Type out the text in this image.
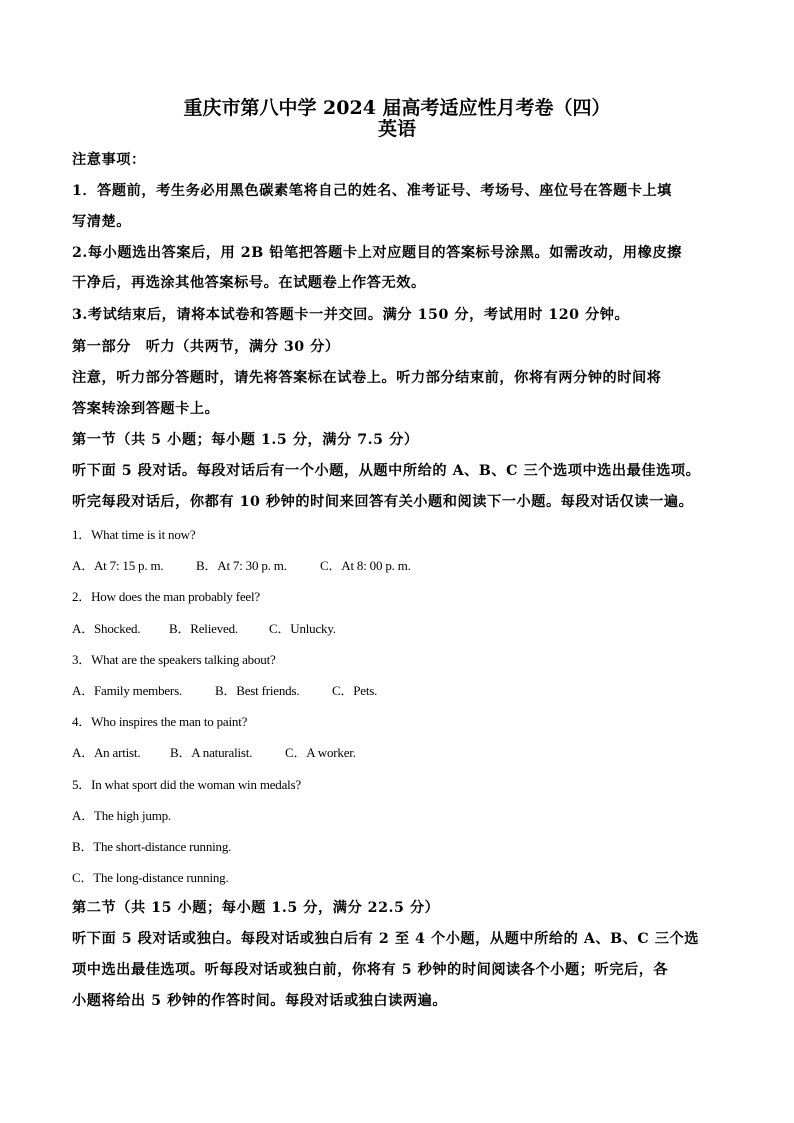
重庆市第八中学 2024 届高考适应性月考卷（四）
英语
注意事项：
1．答题前，考生务必用黑色碳素笔将自己的姓名、准考证号、考场号、座位号在答题卡上填
写清楚。
2.每小题选出答案后，用 2B 铅笔把答题卡上对应题目的答案标号涂黑。如需改动，用橡皮擦
干净后，再选涂其他答案标号。在试题卷上作答无效。
3.考试结束后，请将本试卷和答题卡一并交回。满分 150 分，考试用时 120 分钟。
第一部分　听力（共两节，满分 30 分）
注意，听力部分答题时，请先将答案标在试卷上。听力部分结束前，你将有两分钟的时间将
答案转涂到答题卡上。
第一节（共 5 小题；每小题 1.5 分，满分 7.5 分）
听下面 5 段对话。每段对话后有一个小题，从题中所给的 A、B、C 三个选项中选出最佳选项。
听完每段对话后，你都有 10 秒钟的时间来回答有关小题和阅读下一小题。每段对话仅读一遍。
1．What time is it now?
A．At 7: 15 p. m.	B．At 7: 30 p. m.	C．At 8: 00 p. m.
2．How does the man probably feel?
A．Shocked. B．Relieved. C．Unlucky.
3．What are the speakers talking about?
A．Family members.	B．Best friends.	C．Pets.
4．Who inspires the man to paint?
A．An artist. B．A naturalist.	C．A worker.
5．In what sport did the woman win medals?
A．The high jump.
B．The short-distance running.
C．The long-distance running.
第二节（共 15 小题；每小题 1.5 分，满分 22.5 分）
听下面 5 段对话或独白。每段对话或独白后有 2 至 4 个小题，从题中所给的 A、B、C 三个选
项中选出最佳选项。听每段对话或独白前，你将有 5 秒钟的时间阅读各个小题；听完后，各
小题将给出 5 秒钟的作答时间。每段对话或独白读两遍。
